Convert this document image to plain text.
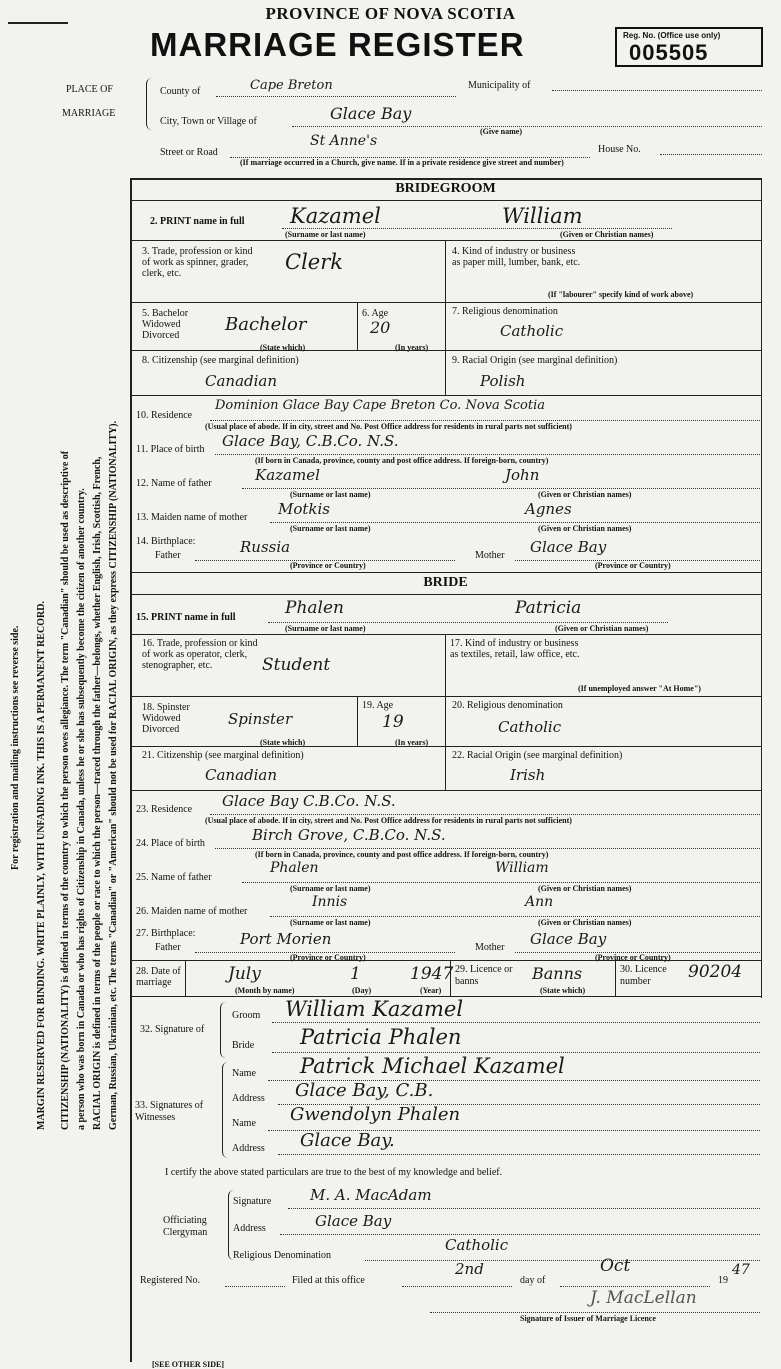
PROVINCE OF NOVA SCOTIA
MARRIAGE REGISTER	Reg. No. (Office use only)
005505
PLACE OF
MARRIAGE
County of	Cape Breton	Municipality of
City, Town or Village of	Glace Bay
(Give name)
Street or Road
St Anne's
House No.
(If marriage occurred in a Church, give name. If in a private residence give street and number)
For registration and mailing instructions see reverse side. MARGIN RESERVED FOR BINDING. WRITE PLAINLY, WITH UNFADING INK. THIS IS A PERMANENT RECORD. CITIZENSHIP (NATIONALITY) is defined in terms of the country to which the person owes allegiance. The term "Canadian" should be used as descriptive of a person who was born in Canada or who has rights of Citizenship in Canada, unless he or she has subsequently become the citizen of another country. RACIAL ORIGIN is defined in terms of the people or race to which the person—traced through the father—belongs, whether English, Irish, Scottish, French, German, Russian, Ukrainian, etc. The terms "Canadian" or "American" should not be used for RACIAL ORIGIN, as they express CITIZENSHIP (NATIONALITY).
BRIDEGROOM
2. PRINT name in full Kazamel	William
(Surname or last name)	(Given or Christian names)
3. Trade, profession or kind of work as spinner, grader, clerk, etc.	Clerk	4. Kind of industry or business as paper mill, lumber, bank, etc.
(If "labourer" specify kind of work above)
5. Bachelor Widowed Divorced
Bachelor
(State which)
6. Age
20
(In years)
7. Religious denomination
Catholic
8. Citizenship (see marginal definition)
Canadian
9. Racial Origin (see marginal definition)
Polish
10. Residence
Dominion Glace Bay Cape Breton Co. Nova Scotia
(Usual place of abode. If in city, street and No. Post Office address for residents in rural parts not sufficient)
11. Place of birth Glace Bay, C.B.Co. N.S.
(If born in Canada, province, county and post office address. If foreign-born, country)
12. Name of father	Kazamel	John
(Surname or last name)	(Given or Christian names)
13. Maiden name of mother Motkis	Agnes
(Surname or last name)	(Given or Christian names)
14. Birthplace:
Father	Russia
(Province or Country)
Mother Glace Bay
(Province or Country)
BRIDE
15. PRINT name in full	Phalen	Patricia
(Surname or last name)	(Given or Christian names)
16. Trade, profession or kind of work as operator, clerk, stenographer, etc.	Student
17. Kind of industry or business as textiles, retail, law office, etc.
(If unemployed answer "At Home")
18. Spinster Widowed Divorced
Spinster
(State which)
19. Age
19
(In years)
20. Religious denomination
Catholic
21. Citizenship (see marginal definition)
Canadian
22. Racial Origin (see marginal definition)
Irish
23. Residence Glace Bay C.B.Co. N.S.
(Usual place of abode. If in city, street and No. Post Office address for residents in rural parts not sufficient)
24. Place of birth	Birch Grove, C.B.Co. N.S.
(If born in Canada, province, county and post office address. If foreign-born, country)
25. Name of father
Phalen	William
(Surname or last name)	(Given or Christian names)
26. Maiden name of mother
Innis	Ann
(Surname or last name)	(Given or Christian names)
27. Birthplace:
Father	Port Morien
(Province or Country)
Mother Glace Bay
(Province or Country)
28. Date of marriage	July	1	1947
(Month by name)	(Day)	(Year)
29. Licence or banns	Banns
(State which)
30. Licence number	90204
32. Signature of
Groom William Kazamel
Bride Patricia Phalen
33. Signatures of Witnesses
Name Patrick Michael Kazamel
Address Glace Bay, C.B.
Name Gwendolyn Phalen
Address Glace Bay.
I certify the above stated particulars are true to the best of my knowledge and belief.
Officiating Clergyman
Signature	M. A. MacAdam
Address	Glace Bay
Religious Denomination
Catholic
Registered No.	Filed at this office
2nd
day of
Oct
19
47
J. MacLellan
Signature of Issuer of Marriage Licence
[SEE OTHER SIDE]
